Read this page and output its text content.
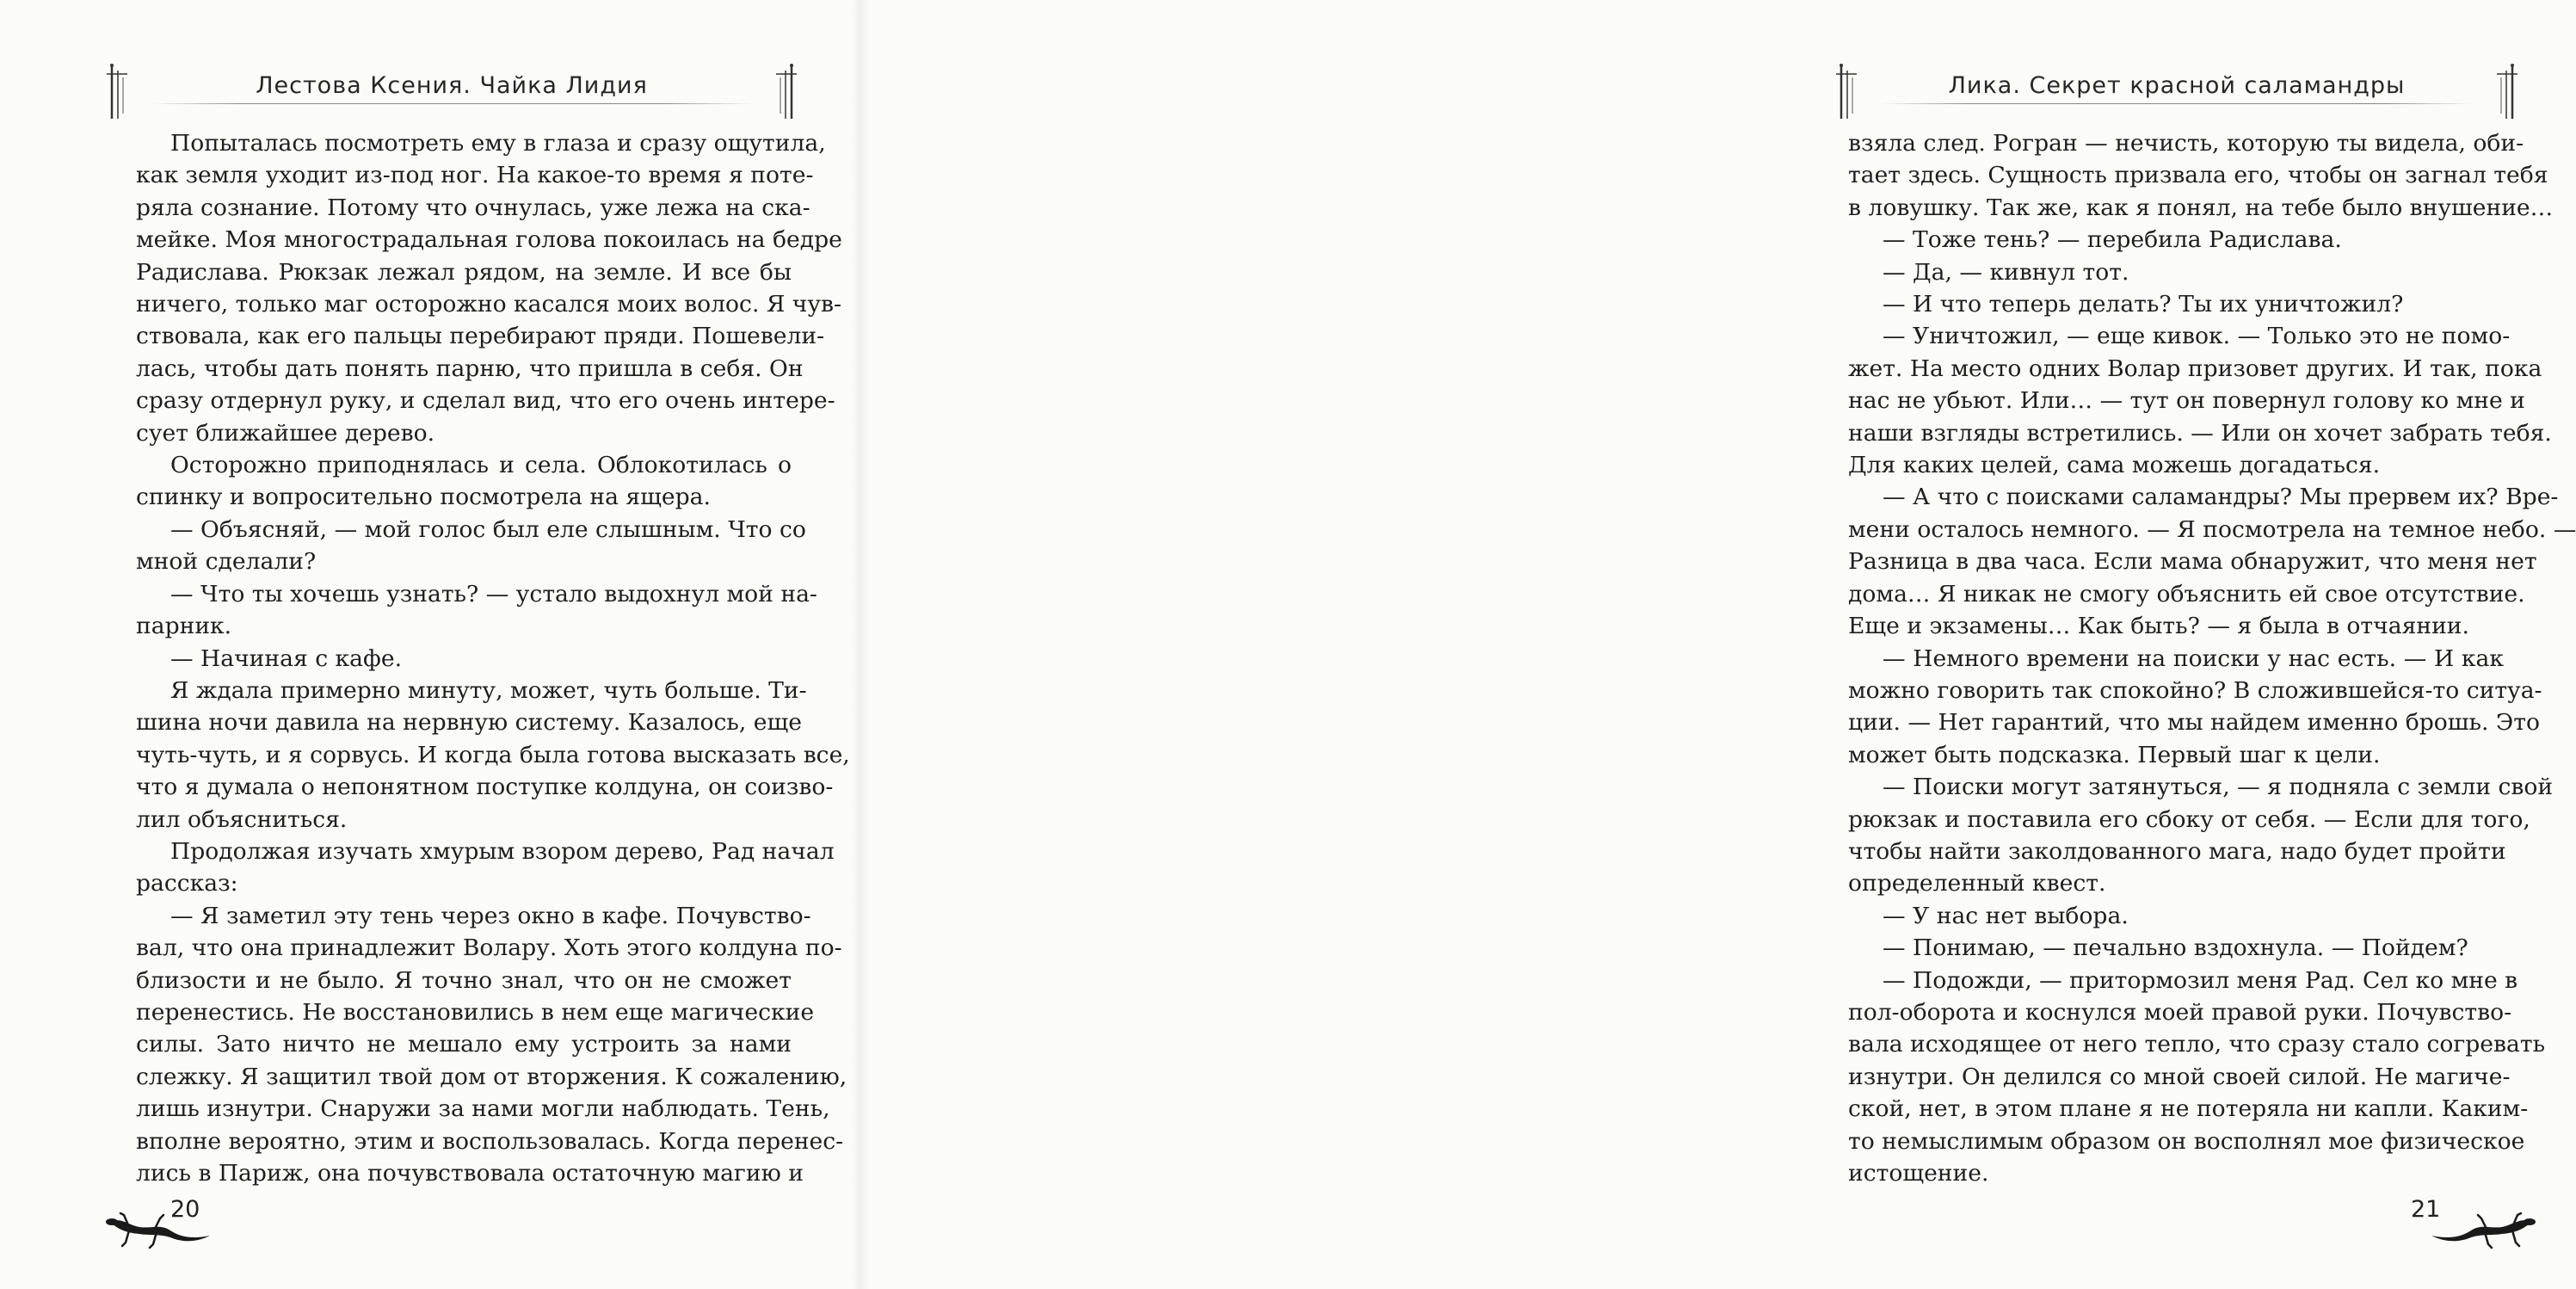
Лестова Ксения. Чайка Лидия
Попыталась посмотреть ему в глаза и сразу ощутила,
как земля уходит из-под ног. На какое-то время я поте-
ряла сознание. Потому что очнулась, уже лежа на ска-
мейке. Моя многострадальная голова покоилась на бедре
Радислава. Рюкзак лежал рядом, на земле. И все бы
ничего, только маг осторожно касался моих волос. Я чув-
ствовала, как его пальцы перебирают пряди. Пошевели-
лась, чтобы дать понять парню, что пришла в себя. Он
сразу отдернул руку, и сделал вид, что его очень интере-
сует ближайшее дерево.
Осторожно приподнялась и села. Облокотилась о
спинку и вопросительно посмотрела на ящера.
— Объясняй, — мой голос был еле слышным. Что со
мной сделали?
— Что ты хочешь узнать? — устало выдохнул мой на-
парник.
— Начиная с кафе.
Я ждала примерно минуту, может, чуть больше. Ти-
шина ночи давила на нервную систему. Казалось, еще
чуть-чуть, и я сорвусь. И когда была готова высказать все,
что я думала о непонятном поступке колдуна, он соизво-
лил объясниться.
Продолжая изучать хмурым взором дерево, Рад начал
рассказ:
— Я заметил эту тень через окно в кафе. Почувство-
вал, что она принадлежит Волару. Хоть этого колдуна по-
близости и не было. Я точно знал, что он не сможет
перенестись. Не восстановились в нем еще магические
силы. Зато ничто не мешало ему устроить за нами
слежку. Я защитил твой дом от вторжения. К сожалению,
лишь изнутри. Снаружи за нами могли наблюдать. Тень,
вполне вероятно, этим и воспользовалась. Когда перенес-
лись в Париж, она почувствовала остаточную магию и
20
Лика. Секрет красной саламандры
взяла след. Рогран — нечисть, которую ты видела, оби-
тает здесь. Сущность призвала его, чтобы он загнал тебя
в ловушку. Так же, как я понял, на тебе было внушение…
— Тоже тень? — перебила Радислава.
— Да, — кивнул тот.
— И что теперь делать? Ты их уничтожил?
— Уничтожил, — еще кивок. — Только это не помо-
жет. На место одних Волар призовет других. И так, пока
нас не убьют. Или… — тут он повернул голову ко мне и
наши взгляды встретились. — Или он хочет забрать тебя.
Для каких целей, сама можешь догадаться.
— А что с поисками саламандры? Мы прервем их? Вре-
мени осталось немного. — Я посмотрела на темное небо. —
Разница в два часа. Если мама обнаружит, что меня нет
дома… Я никак не смогу объяснить ей свое отсутствие.
Еще и экзамены… Как быть? — я была в отчаянии.
— Немного времени на поиски у нас есть. — И как
можно говорить так спокойно? В сложившейся-то ситуа-
ции. — Нет гарантий, что мы найдем именно брошь. Это
может быть подсказка. Первый шаг к цели.
— Поиски могут затянуться, — я подняла с земли свой
рюкзак и поставила его сбоку от себя. — Если для того,
чтобы найти заколдованного мага, надо будет пройти
определенный квест.
— У нас нет выбора.
— Понимаю, — печально вздохнула. — Пойдем?
— Подожди, — притормозил меня Рад. Сел ко мне в
пол-оборота и коснулся моей правой руки. Почувство-
вала исходящее от него тепло, что сразу стало согревать
изнутри. Он делился со мной своей силой. Не магиче-
ской, нет, в этом плане я не потеряла ни капли. Каким-
то немыслимым образом он восполнял мое физическое
истощение.
21
